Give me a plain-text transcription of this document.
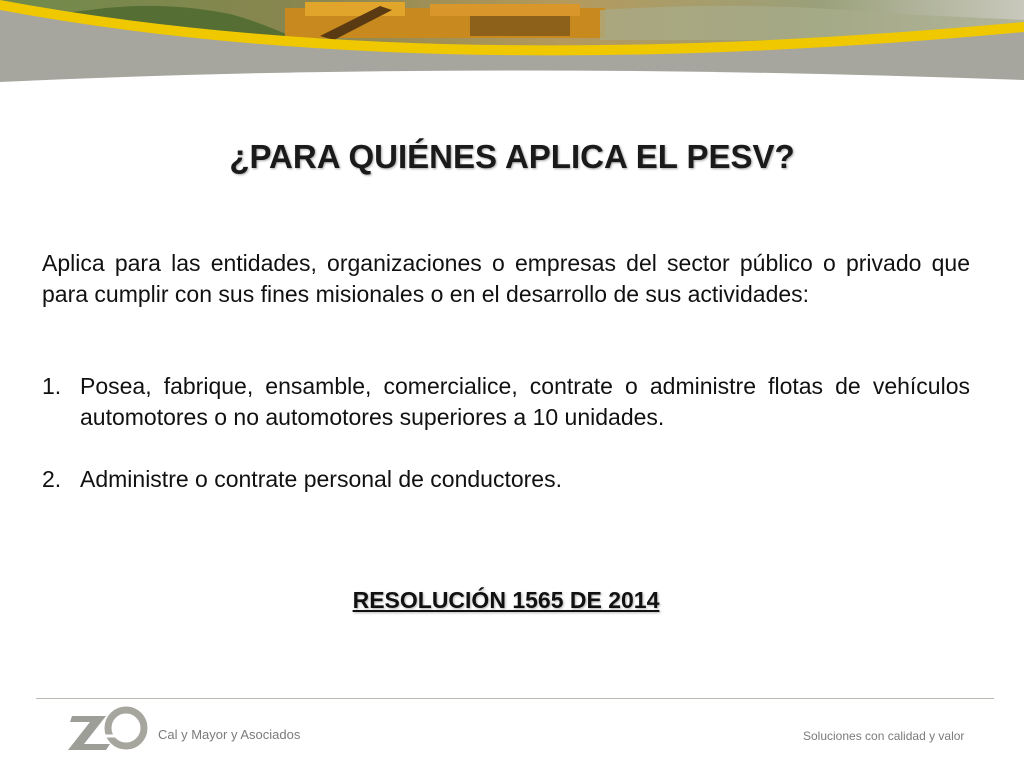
¿PARA QUIÉNES APLICA EL PESV?

Aplica para las entidades, organizaciones o empresas del sector público o privado que para cumplir con sus fines misionales o en el desarrollo de sus actividades:

1. Posea, fabrique, ensamble, comercialice, contrate o administre flotas de vehículos automotores o no automotores superiores a 10 unidades.
2. Administre o contrate personal de conductores.
RESOLUCIÓN 1565 DE 2014
Cal y Mayor y Asociados	Soluciones con calidad y valor
